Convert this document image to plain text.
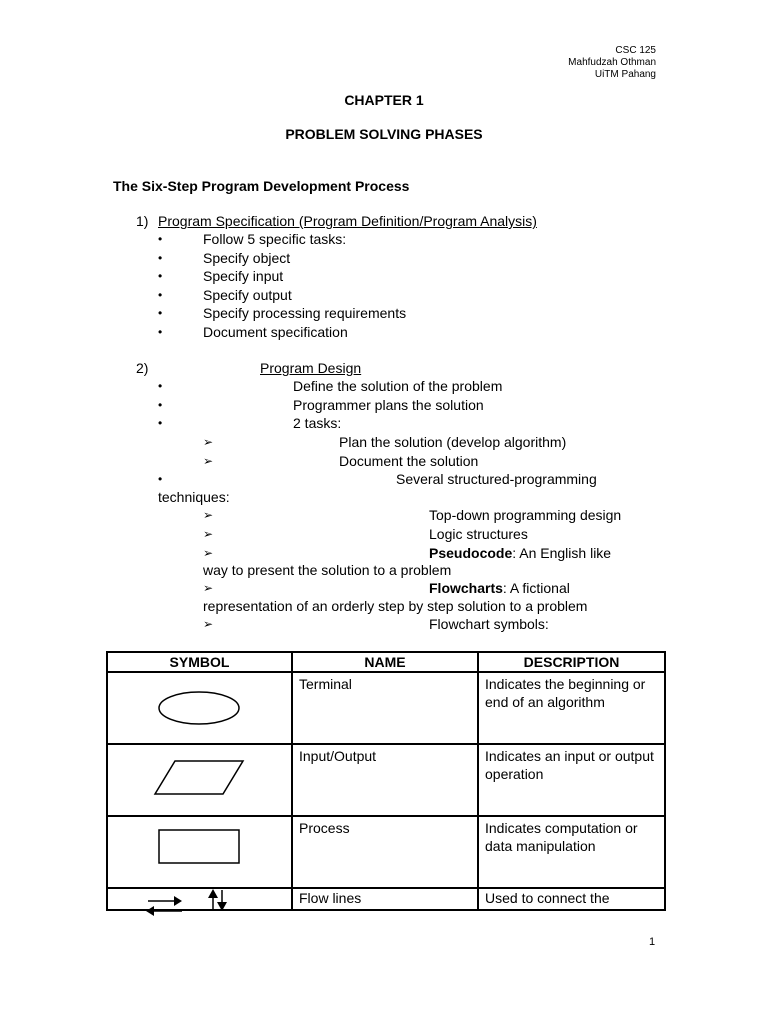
CSC 125
Mahfudzah Othman
UiTM Pahang
CHAPTER 1
PROBLEM SOLVING PHASES
The Six-Step Program Development Process
1) Program Specification (Program Definition/Program Analysis)
•	Follow 5 specific tasks:
•	Specify object
•	Specify input
•	Specify output
•	Specify processing requirements
•	Document specification
2)	Program Design
•	Define the solution of the problem
•	Programmer plans the solution
•	2 tasks:
➢	Plan the solution (develop algorithm)
➢	Document the solution
•	Several structured-programming
techniques:
➢	Top-down programming design
➢	Logic structures
➢	Pseudocode: An English like
way to present the solution to a problem
➢	Flowcharts: A fictional
representation of an orderly step by step solution to a problem
➢	Flowchart symbols:
SYMBOL	NAME	DESCRIPTION

	Terminal	Indicates the beginning or end of an algorithm

	Input/Output	Indicates an input or output operation

	Process	Indicates computation or data manipulation
	Flow lines	Used to connect the
1
